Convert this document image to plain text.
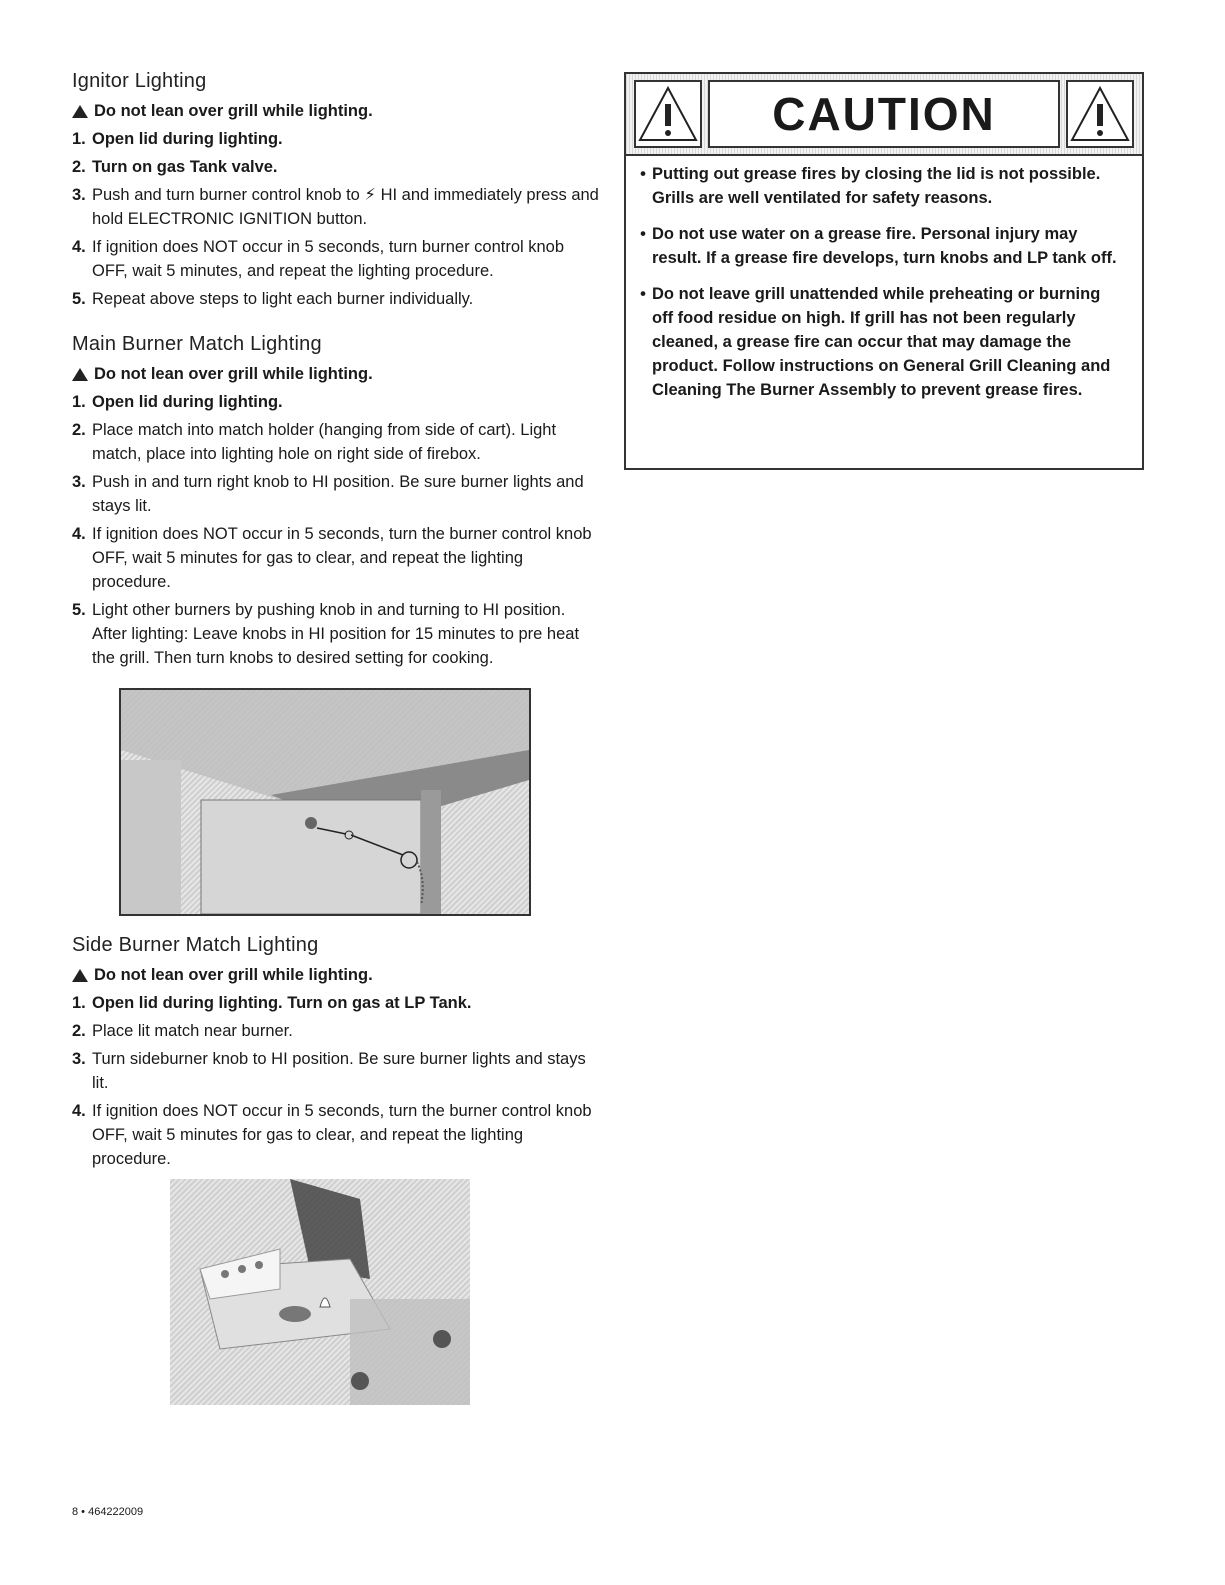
Ignitor Lighting
Do not lean over grill while lighting.
1. Open lid during lighting.
2. Turn on gas Tank valve.
3. Push and turn burner control knob to ⚡ HI and immediately press and hold ELECTRONIC IGNITION button.
4. If ignition does NOT occur in 5 seconds, turn burner control knob OFF, wait 5 minutes, and repeat the lighting procedure.
5. Repeat above steps to light each burner individually.
Main Burner Match Lighting
Do not lean over grill while lighting.
1. Open lid during lighting.
2. Place match into match holder (hanging from side of cart). Light match, place into lighting hole on right side of firebox.
3. Push in and turn right knob to HI position. Be sure burner lights and stays lit.
4. If ignition does NOT occur in 5 seconds, turn the burner control knob OFF, wait 5 minutes for gas to clear, and repeat the lighting procedure.
5. Light other burners by pushing knob in and turning to HI position. After lighting: Leave knobs in HI position for 15 minutes to pre heat the grill. Then turn knobs to desired setting for cooking.
Side Burner Match Lighting
Do not lean over grill while lighting.
1. Open lid during lighting. Turn on gas at LP Tank.
2. Place lit match near burner.
3. Turn sideburner knob to HI position. Be sure burner lights and stays lit.
4. If ignition does NOT occur in 5 seconds, turn the burner control knob OFF, wait 5 minutes for gas to clear, and repeat the lighting procedure.
CAUTION
• Putting out grease fires by closing the lid is not possible. Grills are well ventilated for safety reasons.
• Do not use water on a grease fire. Personal injury may result. If a grease fire develops, turn knobs and LP tank off.
• Do not leave grill unattended while preheating or burning off food residue on high. If grill has not been regularly cleaned, a grease fire can occur that may damage the product. Follow instructions on General Grill Cleaning and Cleaning The Burner Assembly to prevent grease fires.
8 • 464222009
